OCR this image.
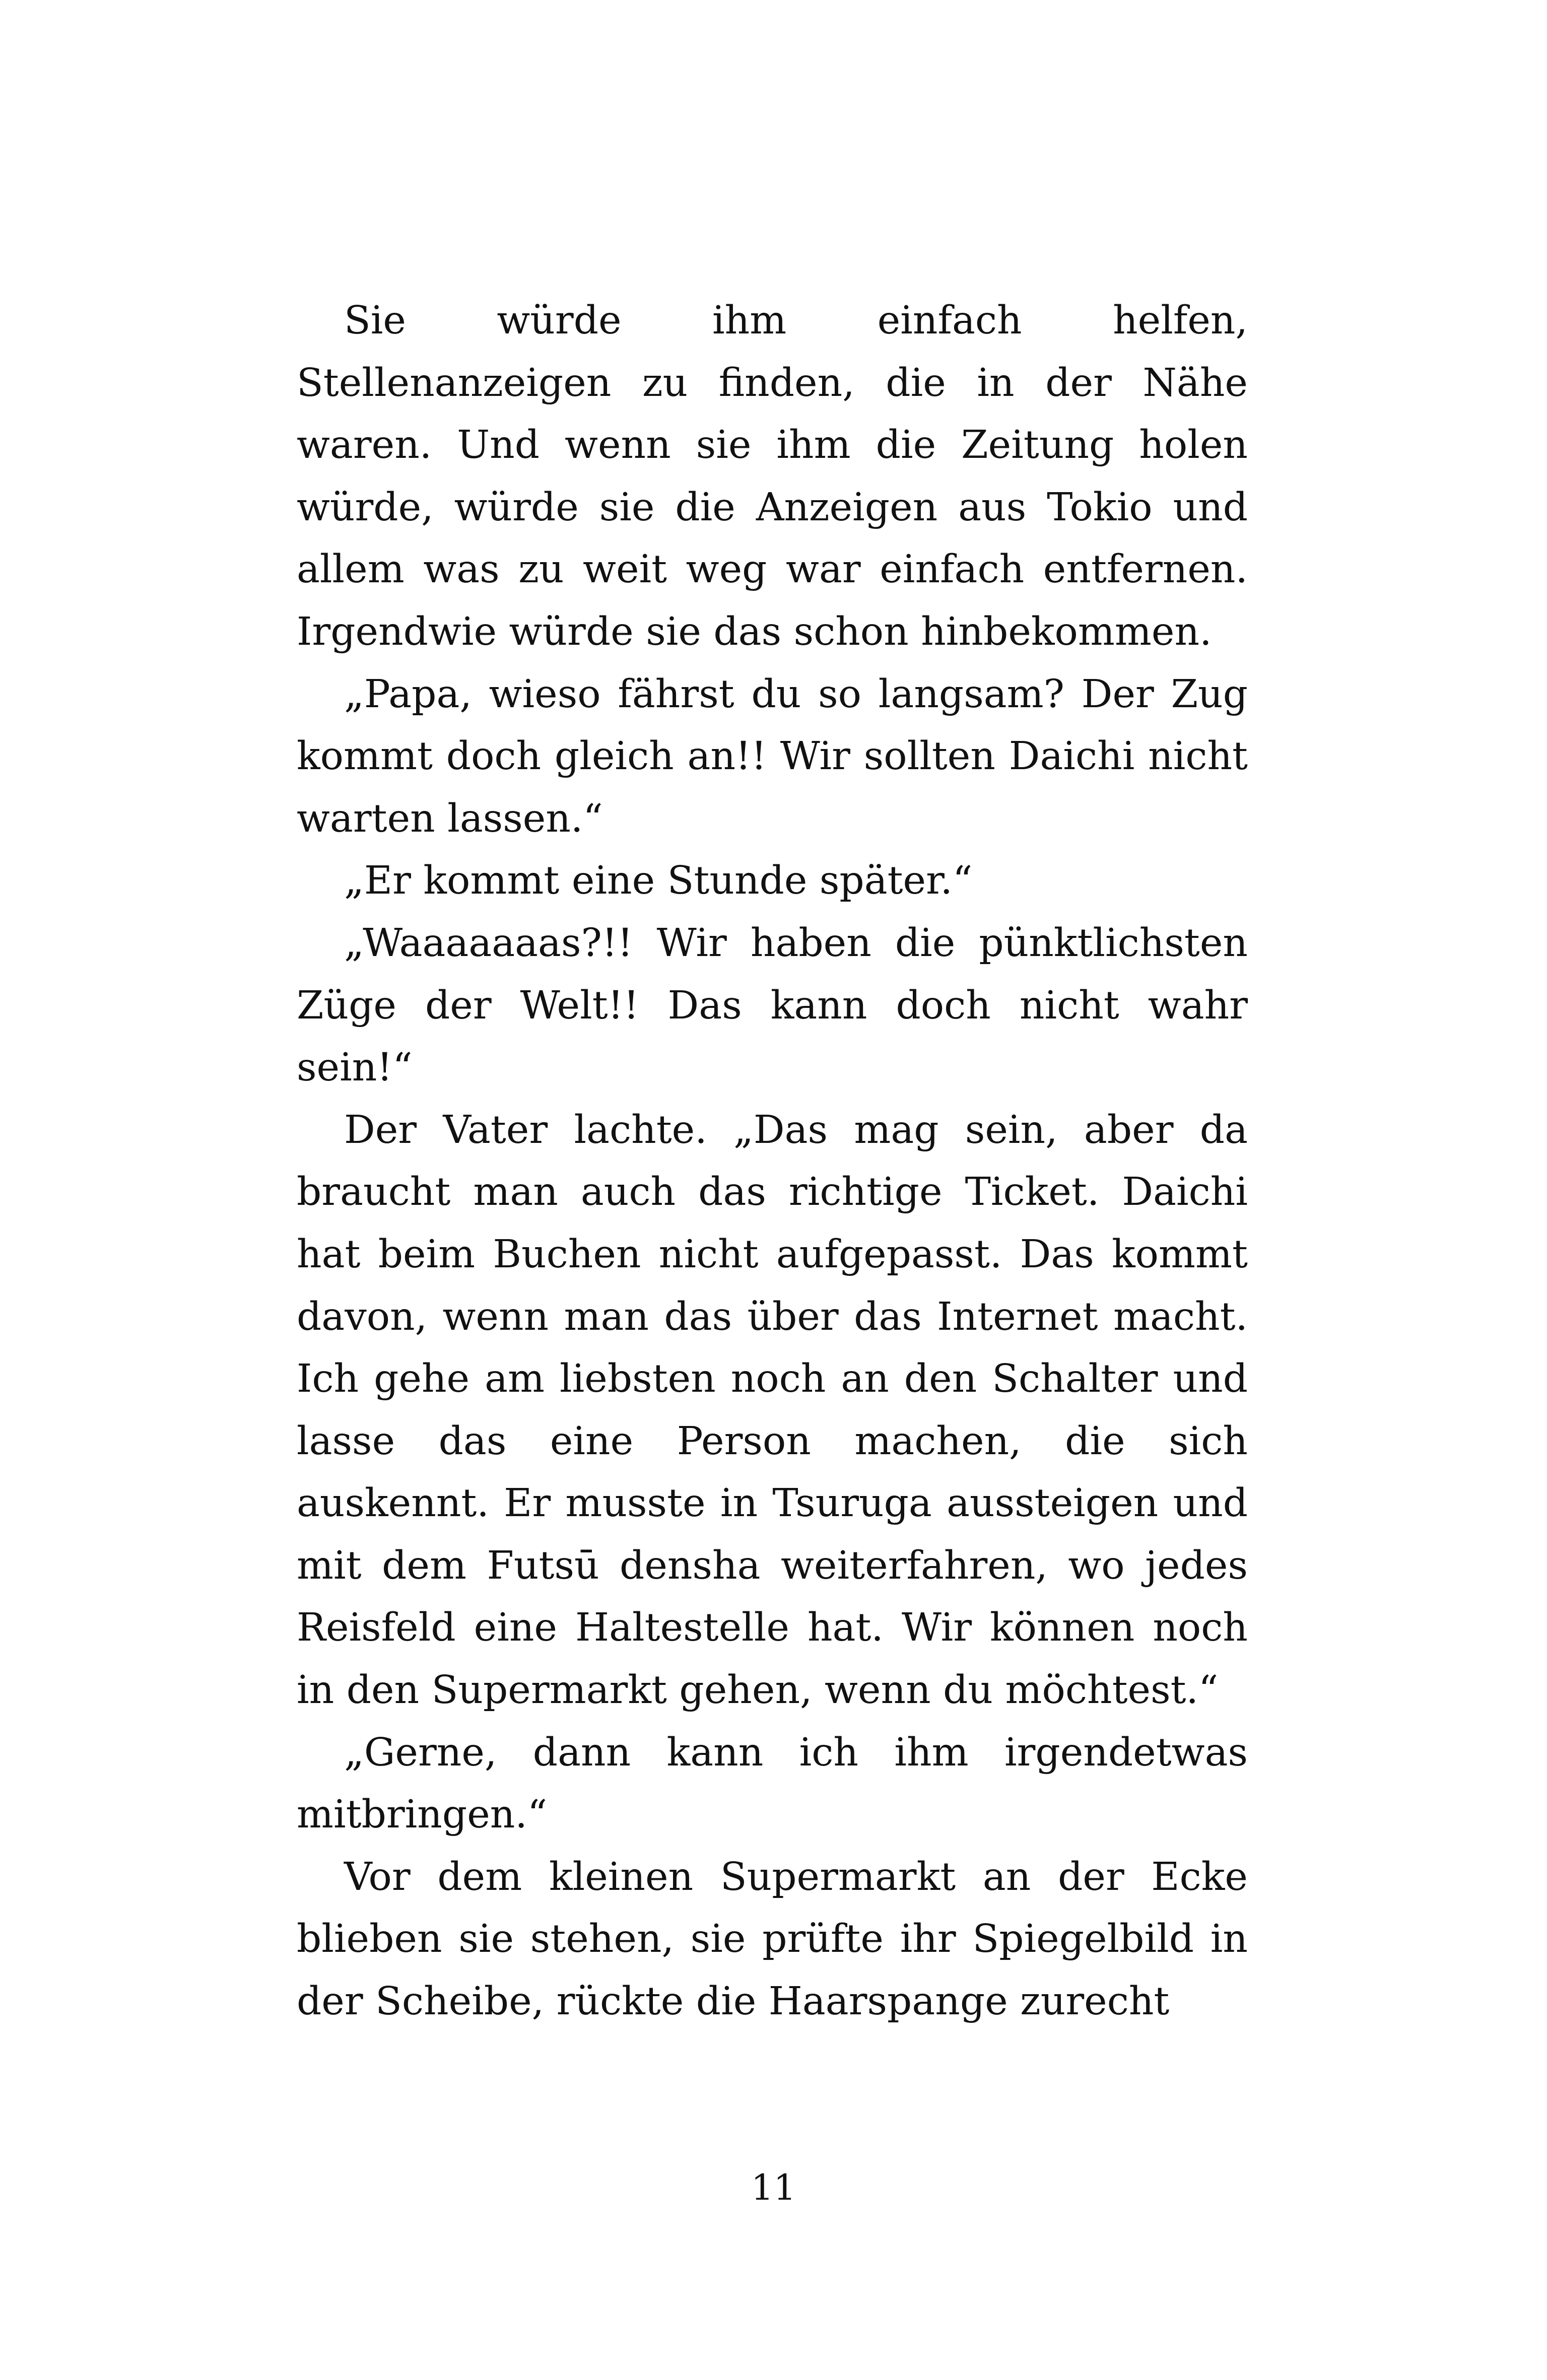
Sie würde ihm einfach helfen, Stellenanzeigen zu finden, die in der Nähe waren. Und wenn sie ihm die Zeitung holen würde, würde sie die Anzeigen aus Tokio und allem was zu weit weg war einfach entfernen. Irgendwie würde sie das schon hinbekommen.

„Papa, wieso fährst du so langsam? Der Zug kommt doch gleich an!! Wir sollten Daichi nicht warten lassen.“

„Er kommt eine Stunde später.“

„Waaaaaaas?!! Wir haben die pünktlichsten Züge der Welt!! Das kann doch nicht wahr sein!“

Der Vater lachte. „Das mag sein, aber da braucht man auch das richtige Ticket. Daichi hat beim Buchen nicht aufgepasst. Das kommt davon, wenn man das über das Internet macht. Ich gehe am liebsten noch an den Schalter und lasse das eine Person machen, die sich auskennt. Er musste in Tsuruga aussteigen und mit dem Futsū densha weiterfahren, wo jedes Reisfeld eine Haltestelle hat. Wir können noch in den Supermarkt gehen, wenn du möchtest.“

„Gerne, dann kann ich ihm irgendetwas mitbringen.“

Vor dem kleinen Supermarkt an der Ecke blieben sie stehen, sie prüfte ihr Spiegelbild in der Scheibe, rückte die Haarspange zurecht

11
